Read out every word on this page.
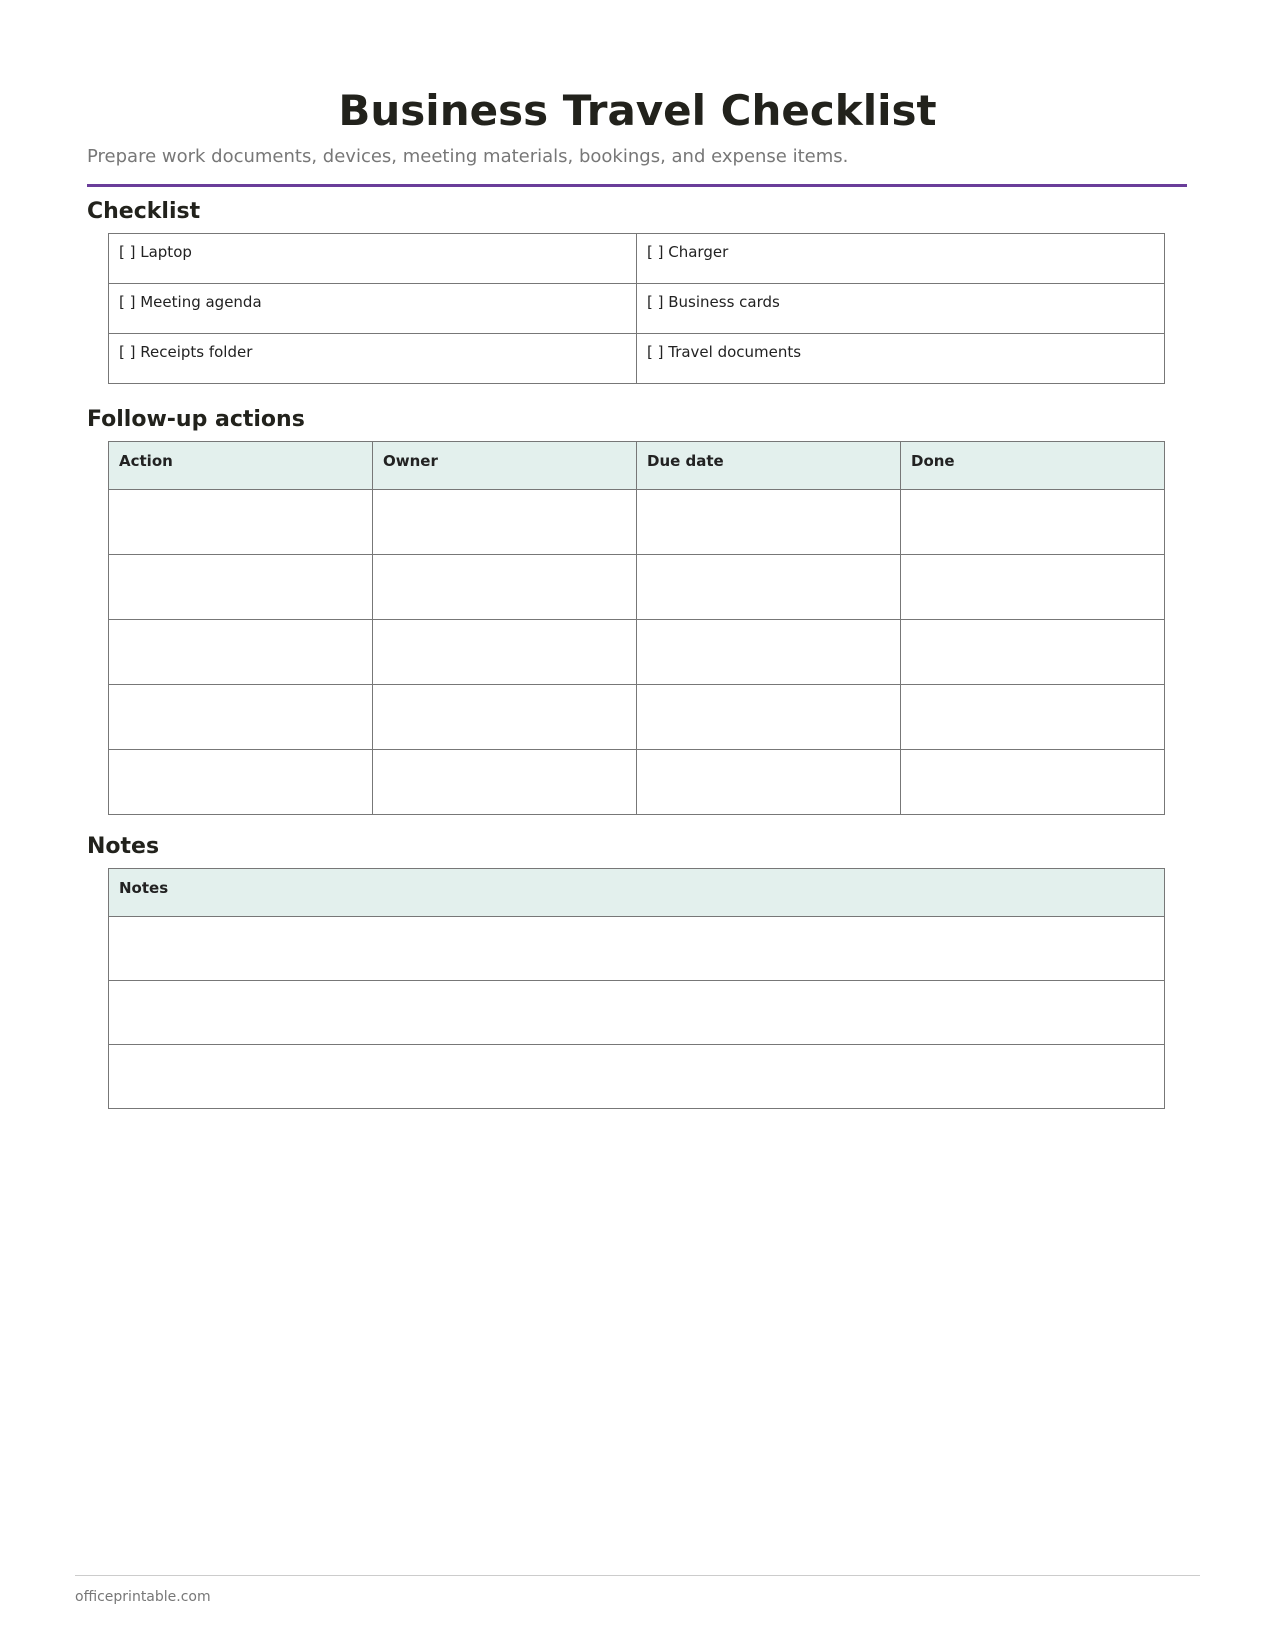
Business Travel Checklist
Prepare work documents, devices, meeting materials, bookings, and expense items.
Checklist
[ ] Laptop	[ ] Charger
[ ] Meeting agenda	[ ] Business cards
[ ] Receipts folder	[ ] Travel documents
Follow-up actions
Action	Owner	Due date	Done

Notes
Notes

officeprintable.com
